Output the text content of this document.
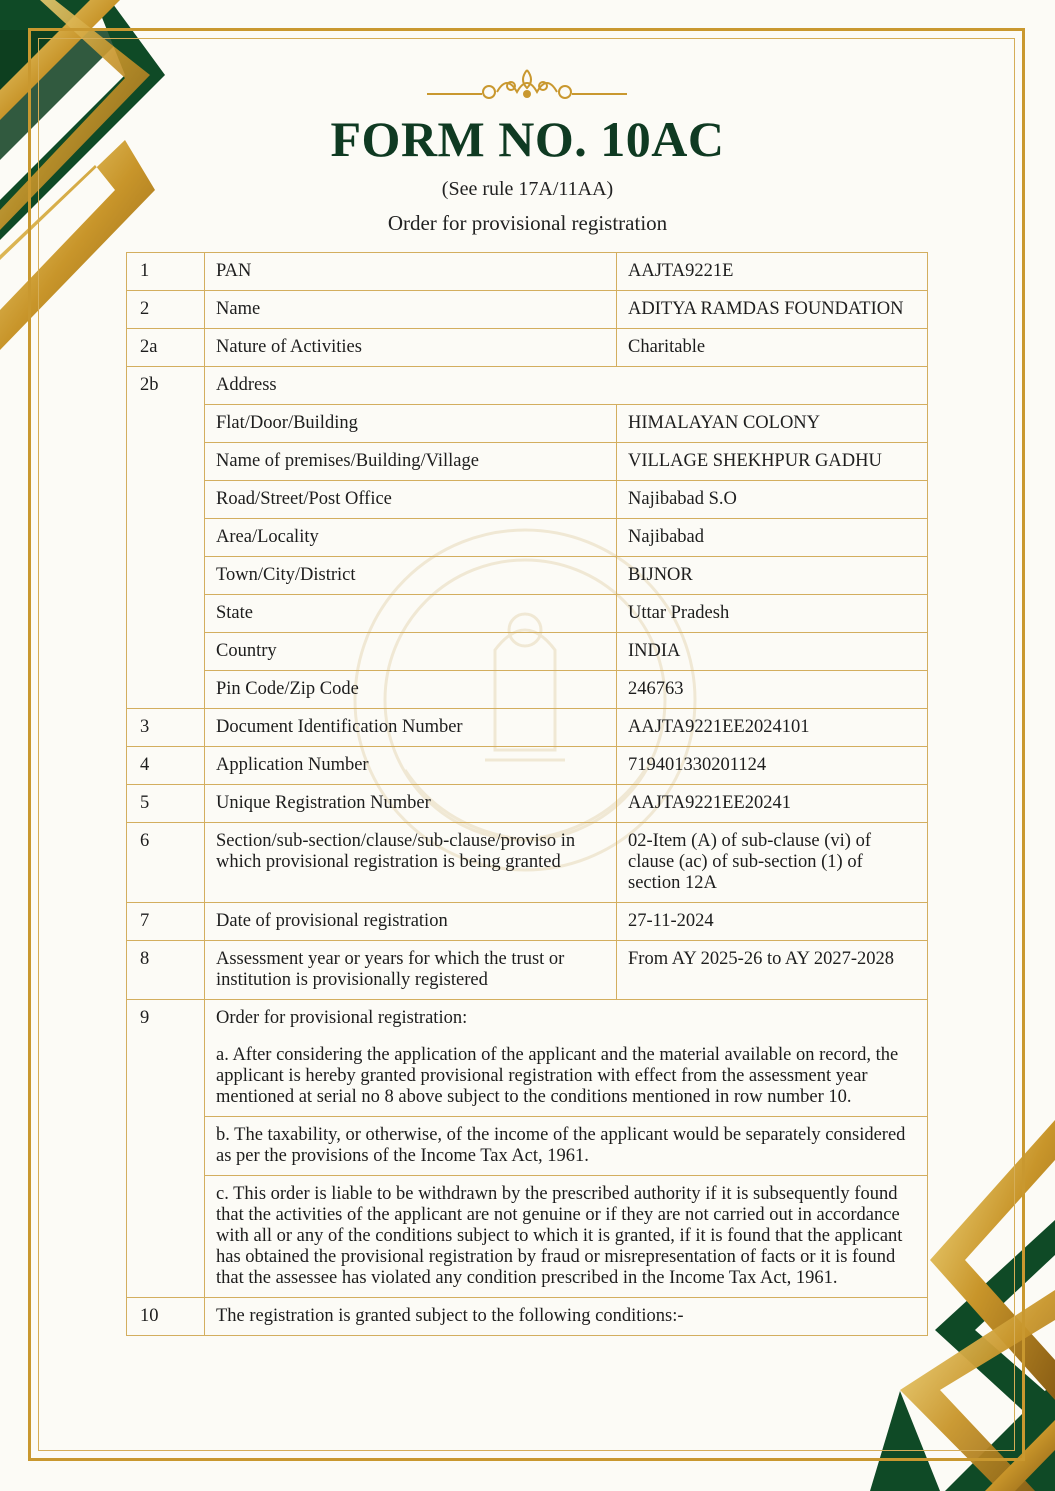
FORM NO. 10AC
(See rule 17A/11AA)
Order for provisional registration
1	PAN	AAJTA9221E
2	Name	ADITYA RAMDAS FOUNDATION
2a	Nature of Activities	Charitable
2b	Address	
	Flat/Door/Building	HIMALAYAN COLONY
	Name of premises/Building/Village	VILLAGE SHEKHPUR GADHU
	Road/Street/Post Office	Najibabad S.O
	Area/Locality	Najibabad
	Town/City/District	BIJNOR
	State	Uttar Pradesh
	Country	INDIA
	Pin Code/Zip Code	246763
3	Document Identification Number	AAJTA9221EE2024101
4	Application Number	719401330201124
5	Unique Registration Number	AAJTA9221EE20241
6	Section/sub-section/clause/sub-clause/proviso in which provisional registration is being granted	02-Item (A) of sub-clause (vi) of clause (ac) of sub-section (1) of section 12A
7	Date of provisional registration	27-11-2024
8	Assessment year or years for which the trust or institution is provisionally registered	From AY 2025-26 to AY 2027-2028
9	Order for provisional registration:	
	a. After considering the application of the applicant and the material available on record, the applicant is hereby granted provisional registration with effect from the assessment year mentioned at serial no 8 above subject to the conditions mentioned in row number 10.	
	b. The taxability, or otherwise, of the income of the applicant would be separately considered as per the provisions of the Income Tax Act, 1961.	
	c. This order is liable to be withdrawn by the prescribed authority if it is subsequently found that the activities of the applicant are not genuine or if they are not carried out in accordance with all or any of the conditions subject to which it is granted, if it is found that the applicant has obtained the provisional registration by fraud or misrepresentation of facts or it is found that the assessee has violated any condition prescribed in the Income Tax Act, 1961.	
10	The registration is granted subject to the following conditions:-	
